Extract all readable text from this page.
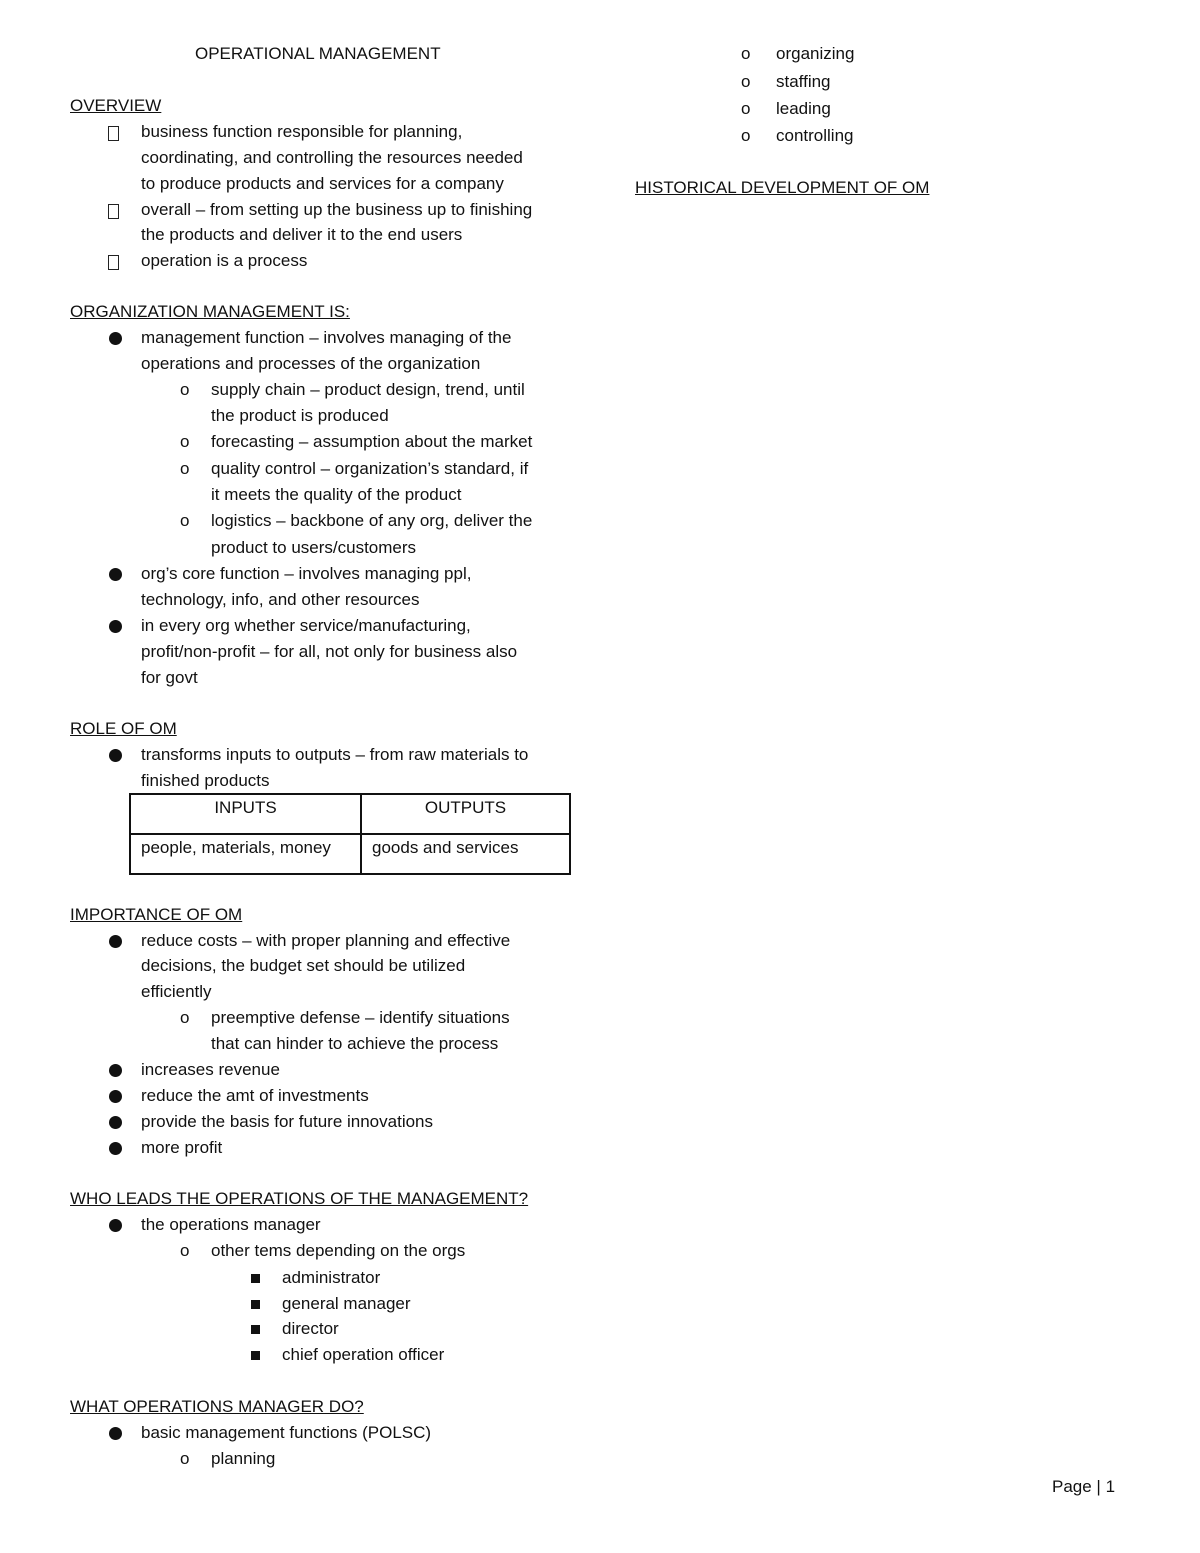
OPERATIONAL MANAGEMENT
OVERVIEW
business function responsible for planning,
coordinating, and controlling the resources needed
to produce products and services for a company
overall – from setting up the business up to finishing
the products and deliver it to the end users
operation is a process
ORGANIZATION MANAGEMENT IS:
management function – involves managing of the
operations and processes of the organization
o supply chain – product design, trend, until
the product is produced
o forecasting – assumption about the market
o quality control – organization’s standard, if
it meets the quality of the product
o logistics – backbone of any org, deliver the
product to users/customers
org’s core function – involves managing ppl,
technology, info, and other resources
in every org whether service/manufacturing,
profit/non-profit – for all, not only for business also
for govt
ROLE OF OM
transforms inputs to outputs – from raw materials to
finished products
INPUTS	OUTPUTS
people, materials, money	goods and services
IMPORTANCE OF OM
reduce costs – with proper planning and effective
decisions, the budget set should be utilized
efficiently
o preemptive defense – identify situations
that can hinder to achieve the process
increases revenue
reduce the amt of investments
provide the basis for future innovations
more profit
WHO LEADS THE OPERATIONS OF THE MANAGEMENT?
the operations manager
o other tems depending on the orgs
administrator
general manager
director
chief operation officer
WHAT OPERATIONS MANAGER DO?
basic management functions (POLSC)
o planning
o organizing
o staffing
o leading
o controlling
HISTORICAL DEVELOPMENT OF OM
Page | 1
